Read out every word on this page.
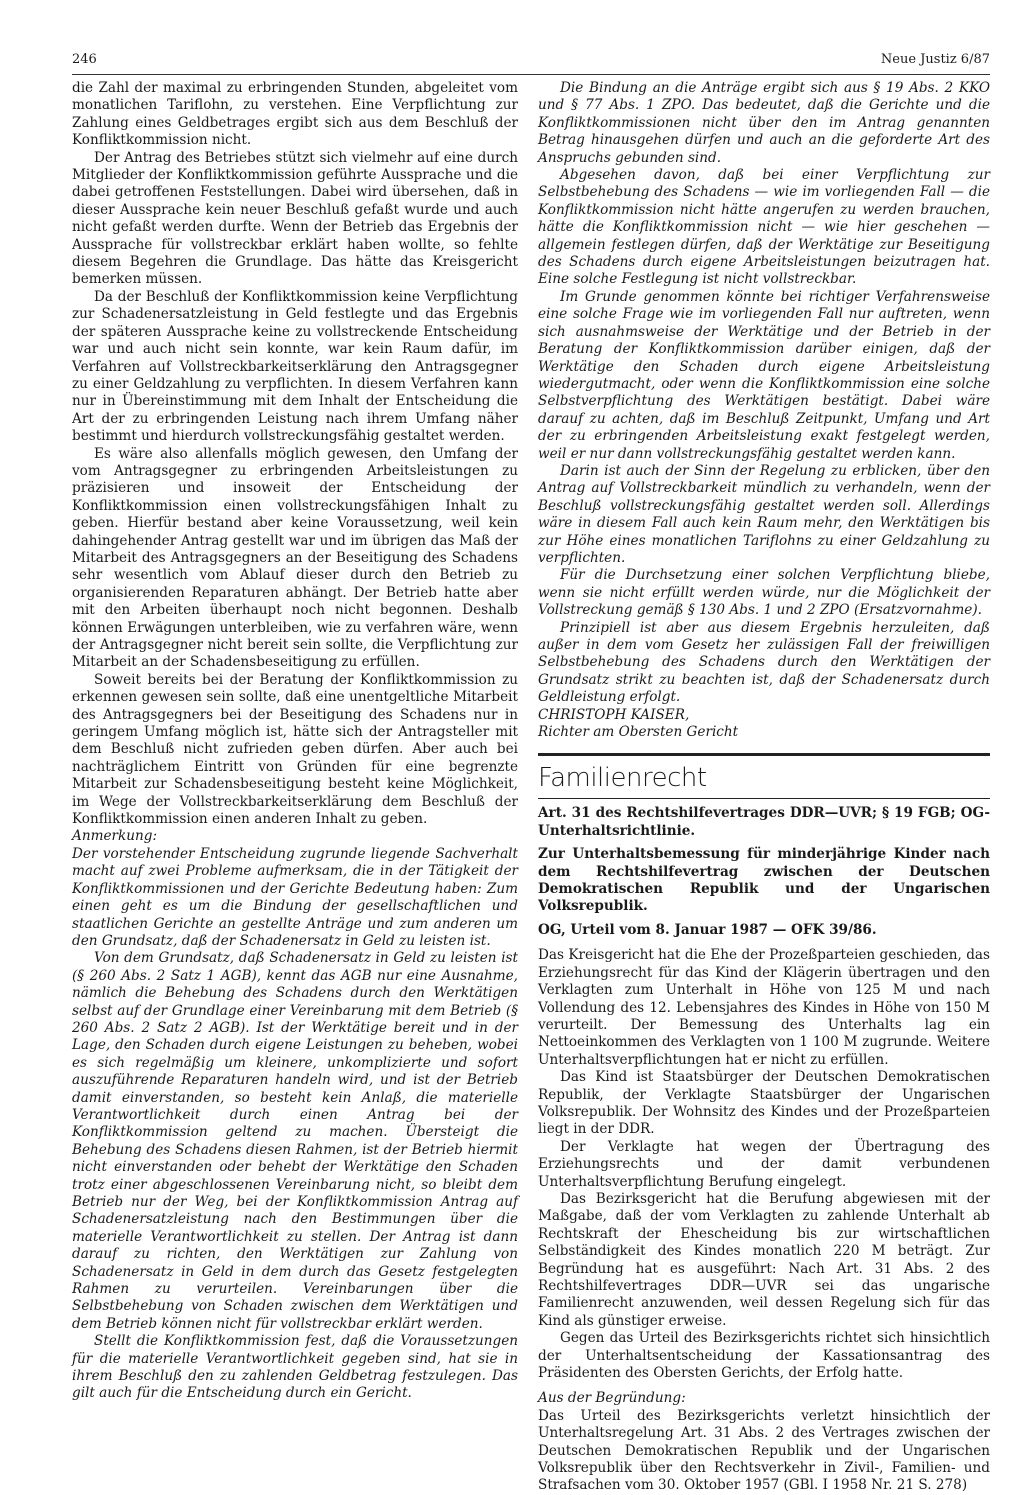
246	Neue Justiz 6/87

die Zahl der maximal zu erbringenden Stunden, abgeleitet vom monatlichen Tariflohn, zu verstehen. Eine Verpflichtung zur Zahlung eines Geldbetrages ergibt sich aus dem Beschluß der Konfliktkommission nicht.

Der Antrag des Betriebes stützt sich vielmehr auf eine durch Mitglieder der Konfliktkommission geführte Aussprache und die dabei getroffenen Feststellungen. Dabei wird übersehen, daß in dieser Aussprache kein neuer Beschluß gefaßt wurde und auch nicht gefaßt werden durfte. Wenn der Betrieb das Ergebnis der Aussprache für vollstreckbar erklärt haben wollte, so fehlte diesem Begehren die Grundlage. Das hätte das Kreisgericht bemerken müssen.

Da der Beschluß der Konfliktkommission keine Verpflichtung zur Schadenersatzleistung in Geld festlegte und das Ergebnis der späteren Aussprache keine zu vollstreckende Entscheidung war und auch nicht sein konnte, war kein Raum dafür, im Verfahren auf Vollstreckbarkeitserklärung den Antragsgegner zu einer Geldzahlung zu verpflichten. In diesem Verfahren kann nur in Übereinstimmung mit dem Inhalt der Entscheidung die Art der zu erbringenden Leistung nach ihrem Umfang näher bestimmt und hierdurch vollstreckungsfähig gestaltet werden.

Es wäre also allenfalls möglich gewesen, den Umfang der vom Antragsgegner zu erbringenden Arbeitsleistungen zu präzisieren und insoweit der Entscheidung der Konfliktkommission einen vollstreckungsfähigen Inhalt zu geben. Hierfür bestand aber keine Voraussetzung, weil kein dahingehender Antrag gestellt war und im übrigen das Maß der Mitarbeit des Antragsgegners an der Beseitigung des Schadens sehr wesentlich vom Ablauf dieser durch den Betrieb zu organisierenden Reparaturen abhängt. Der Betrieb hatte aber mit den Arbeiten überhaupt noch nicht begonnen. Deshalb können Erwägungen unterbleiben, wie zu verfahren wäre, wenn der Antragsgegner nicht bereit sein sollte, die Verpflichtung zur Mitarbeit an der Schadensbeseitigung zu erfüllen.

Soweit bereits bei der Beratung der Konfliktkommission zu erkennen gewesen sein sollte, daß eine unentgeltliche Mitarbeit des Antragsgegners bei der Beseitigung des Schadens nur in geringem Umfang möglich ist, hätte sich der Antragsteller mit dem Beschluß nicht zufrieden geben dürfen. Aber auch bei nachträglichem Eintritt von Gründen für eine begrenzte Mitarbeit zur Schadensbeseitigung besteht keine Möglichkeit, im Wege der Vollstreckbarkeitserklärung dem Beschluß der Konfliktkommission einen anderen Inhalt zu geben.

Anmerkung:

Der vorstehender Entscheidung zugrunde liegende Sachverhalt macht auf zwei Probleme aufmerksam, die in der Tätigkeit der Konfliktkommissionen und der Gerichte Bedeutung haben: Zum einen geht es um die Bindung der gesellschaftlichen und staatlichen Gerichte an gestellte Anträge und zum anderen um den Grundsatz, daß der Schadenersatz in Geld zu leisten ist.

Von dem Grundsatz, daß Schadenersatz in Geld zu leisten ist (§ 260 Abs. 2 Satz 1 AGB), kennt das AGB nur eine Ausnahme, nämlich die Behebung des Schadens durch den Werktätigen selbst auf der Grundlage einer Vereinbarung mit dem Betrieb (§ 260 Abs. 2 Satz 2 AGB). Ist der Werktätige bereit und in der Lage, den Schaden durch eigene Leistungen zu beheben, wobei es sich regelmäßig um kleinere, unkomplizierte und sofort auszuführende Reparaturen handeln wird, und ist der Betrieb damit einverstanden, so besteht kein Anlaß, die materielle Verantwortlichkeit durch einen Antrag bei der Konfliktkommission geltend zu machen. Übersteigt die Behebung des Schadens diesen Rahmen, ist der Betrieb hiermit nicht einverstanden oder behebt der Werktätige den Schaden trotz einer abgeschlossenen Vereinbarung nicht, so bleibt dem Betrieb nur der Weg, bei der Konfliktkommission Antrag auf Schadenersatzleistung nach den Bestimmungen über die materielle Verantwortlichkeit zu stellen. Der Antrag ist dann darauf zu richten, den Werktätigen zur Zahlung von Schadenersatz in Geld in dem durch das Gesetz festgelegten Rahmen zu verurteilen. Vereinbarungen über die Selbstbehebung von Schaden zwischen dem Werktätigen und dem Betrieb können nicht für vollstreckbar erklärt werden.

Stellt die Konfliktkommission fest, daß die Voraussetzungen für die materielle Verantwortlichkeit gegeben sind, hat sie in ihrem Beschluß den zu zahlenden Geldbetrag festzulegen. Das gilt auch für die Entscheidung durch ein Gericht.

Die Bindung an die Anträge ergibt sich aus § 19 Abs. 2 KKO und § 77 Abs. 1 ZPO. Das bedeutet, daß die Gerichte und die Konfliktkommissionen nicht über den im Antrag genannten Betrag hinausgehen dürfen und auch an die geforderte Art des Anspruchs gebunden sind.

Abgesehen davon, daß bei einer Verpflichtung zur Selbstbehebung des Schadens — wie im vorliegenden Fall — die Konfliktkommission nicht hätte angerufen zu werden brauchen, hätte die Konfliktkommission nicht — wie hier geschehen — allgemein festlegen dürfen, daß der Werktätige zur Beseitigung des Schadens durch eigene Arbeitsleistungen beizutragen hat. Eine solche Festlegung ist nicht vollstreckbar.

Im Grunde genommen könnte bei richtiger Verfahrensweise eine solche Frage wie im vorliegenden Fall nur auftreten, wenn sich ausnahmsweise der Werktätige und der Betrieb in der Beratung der Konfliktkommission darüber einigen, daß der Werktätige den Schaden durch eigene Arbeitsleistung wiedergutmacht, oder wenn die Konfliktkommission eine solche Selbstverpflichtung des Werktätigen bestätigt. Dabei wäre darauf zu achten, daß im Beschluß Zeitpunkt, Umfang und Art der zu erbringenden Arbeitsleistung exakt festgelegt werden, weil er nur dann vollstreckungsfähig gestaltet werden kann.

Darin ist auch der Sinn der Regelung zu erblicken, über den Antrag auf Vollstreckbarkeit mündlich zu verhandeln, wenn der Beschluß vollstreckungsfähig gestaltet werden soll. Allerdings wäre in diesem Fall auch kein Raum mehr, den Werktätigen bis zur Höhe eines monatlichen Tariflohns zu einer Geldzahlung zu verpflichten.

Für die Durchsetzung einer solchen Verpflichtung bliebe, wenn sie nicht erfüllt werden würde, nur die Möglichkeit der Vollstreckung gemäß § 130 Abs. 1 und 2 ZPO (Ersatzvornahme).

Prinzipiell ist aber aus diesem Ergebnis herzuleiten, daß außer in dem vom Gesetz her zulässigen Fall der freiwilligen Selbstbehebung des Schadens durch den Werktätigen der Grundsatz strikt zu beachten ist, daß der Schadenersatz durch Geldleistung erfolgt.

CHRISTOPH KAISER,

Richter am Obersten Gericht

Familienrecht

Art. 31 des Rechtshilfevertrages DDR—UVR; § 19 FGB; OG-Unterhaltsrichtlinie.

Zur Unterhaltsbemessung für minderjährige Kinder nach dem Rechtshilfevertrag zwischen der Deutschen Demokratischen Republik und der Ungarischen Volksrepublik.

OG, Urteil vom 8. Januar 1987 — OFK 39/86.

Das Kreisgericht hat die Ehe der Prozeßparteien geschieden, das Erziehungsrecht für das Kind der Klägerin übertragen und den Verklagten zum Unterhalt in Höhe von 125 M und nach Vollendung des 12. Lebensjahres des Kindes in Höhe von 150 M verurteilt. Der Bemessung des Unterhalts lag ein Nettoeinkommen des Verklagten von 1 100 M zugrunde. Weitere Unterhaltsverpflichtungen hat er nicht zu erfüllen.

Das Kind ist Staatsbürger der Deutschen Demokratischen Republik, der Verklagte Staatsbürger der Ungarischen Volksrepublik. Der Wohnsitz des Kindes und der Prozeßparteien liegt in der DDR.

Der Verklagte hat wegen der Übertragung des Erziehungsrechts und der damit verbundenen Unterhaltsverpflichtung Berufung eingelegt.

Das Bezirksgericht hat die Berufung abgewiesen mit der Maßgabe, daß der vom Verklagten zu zahlende Unterhalt ab Rechtskraft der Ehescheidung bis zur wirtschaftlichen Selbständigkeit des Kindes monatlich 220 M beträgt. Zur Begründung hat es ausgeführt: Nach Art. 31 Abs. 2 des Rechtshilfevertrages DDR—UVR sei das ungarische Familienrecht anzuwenden, weil dessen Regelung sich für das Kind als günstiger erweise.

Gegen das Urteil des Bezirksgerichts richtet sich hinsichtlich der Unterhaltsentscheidung der Kassationsantrag des Präsidenten des Obersten Gerichts, der Erfolg hatte.

Aus der Begründung:

Das Urteil des Bezirksgerichts verletzt hinsichtlich der Unterhaltsregelung Art. 31 Abs. 2 des Vertrages zwischen der Deutschen Demokratischen Republik und der Ungarischen Volksrepublik über den Rechtsverkehr in Zivil-, Familien- und Strafsachen vom 30. Oktober 1957 (GBl. I 1958 Nr. 21 S. 278)
